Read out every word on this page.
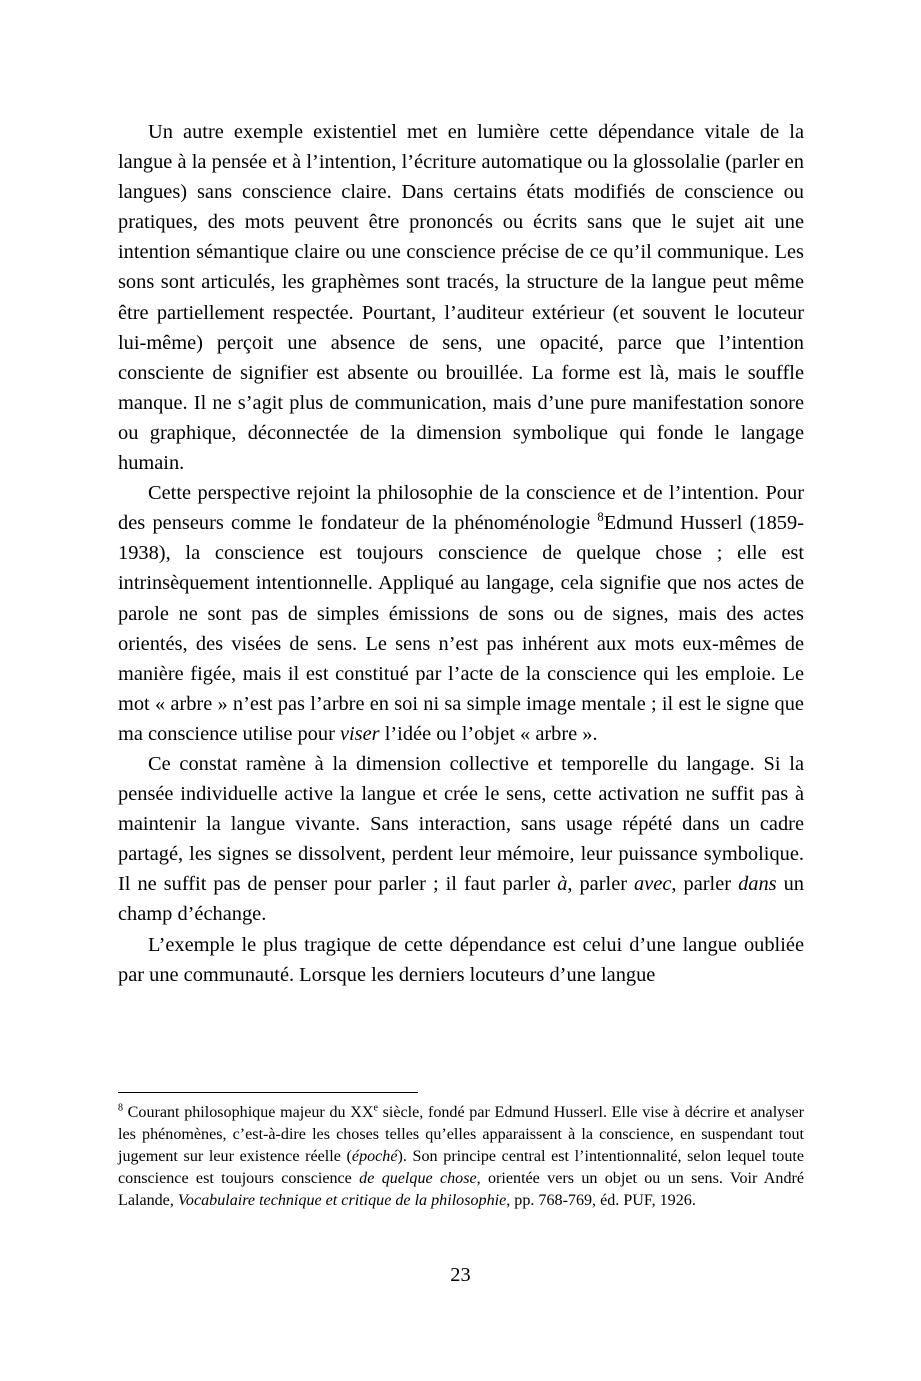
Un autre exemple existentiel met en lumière cette dépendance vitale de la langue à la pensée et à l’intention, l’écriture automatique ou la glossolalie (parler en langues) sans conscience claire. Dans certains états modifiés de conscience ou pratiques, des mots peuvent être prononcés ou écrits sans que le sujet ait une intention sémantique claire ou une conscience précise de ce qu’il communique. Les sons sont articulés, les graphèmes sont tracés, la structure de la langue peut même être partiellement respectée. Pourtant, l’auditeur extérieur (et souvent le locuteur lui-même) perçoit une absence de sens, une opacité, parce que l’intention consciente de signifier est absente ou brouillée. La forme est là, mais le souffle manque. Il ne s’agit plus de communication, mais d’une pure manifestation sonore ou graphique, déconnectée de la dimension symbolique qui fonde le langage humain.

Cette perspective rejoint la philosophie de la conscience et de l’intention. Pour des penseurs comme le fondateur de la phénoménologie $^8$Edmund Husserl (1859-1938), la conscience est toujours conscience de quelque chose ; elle est intrinsèquement intentionnelle. Appliqué au langage, cela signifie que nos actes de parole ne sont pas de simples émissions de sons ou de signes, mais des actes orientés, des visées de sens. Le sens n’est pas inhérent aux mots eux-mêmes de manière figée, mais il est constitué par l’acte de la conscience qui les emploie. Le mot « arbre » n’est pas l’arbre en soi ni sa simple image mentale ; il est le signe que ma conscience utilise pour viser l’idée ou l’objet « arbre ».

Ce constat ramène à la dimension collective et temporelle du langage. Si la pensée individuelle active la langue et crée le sens, cette activation ne suffit pas à maintenir la langue vivante. Sans interaction, sans usage répété dans un cadre partagé, les signes se dissolvent, perdent leur mémoire, leur puissance symbolique. Il ne suffit pas de penser pour parler ; il faut parler à, parler avec, parler dans un champ d’échange.

L’exemple le plus tragique de cette dépendance est celui d’une langue oubliée par une communauté. Lorsque les derniers locuteurs d’une langue

$^8$ Courant philosophique majeur du XXe siècle, fondé par Edmund Husserl. Elle vise à décrire et analyser les phénomènes, c’est-à-dire les choses telles qu’elles apparaissent à la conscience, en suspendant tout jugement sur leur existence réelle (époché). Son principe central est l’intentionnalité, selon lequel toute conscience est toujours conscience de quelque chose, orientée vers un objet ou un sens. Voir André Lalande, Vocabulaire technique et critique de la philosophie, pp. 768-769, éd. PUF, 1926.

23
